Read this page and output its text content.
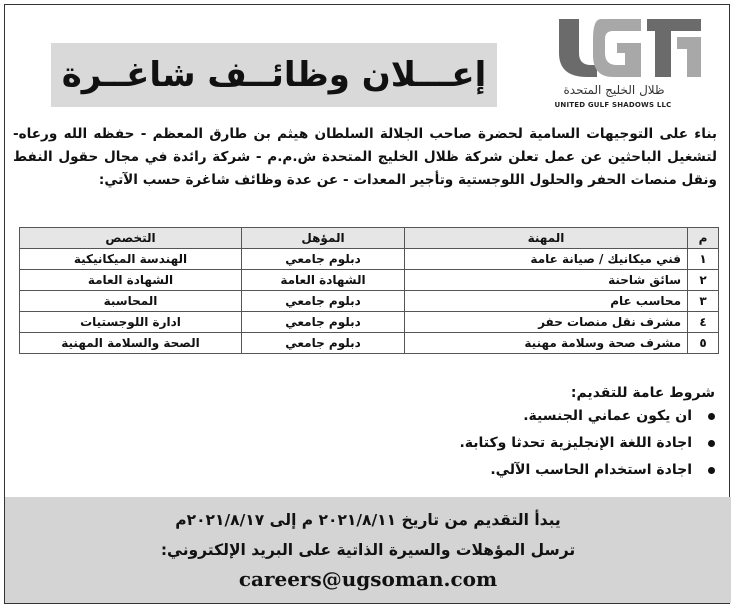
إعـــلان وظائــف شاغــرة	ظلال الخليج المتحدة
UNITED GULF SHADOWS LLC
بناء على التوجيهات السامية لحضرة صاحب الجلالة السلطان هيثم بن طارق المعظم - حفظه الله ورعاه- لتشغيل الباحثين عن عمل تعلن شركة ظلال الخليج المتحدة ش.م.م - شركة رائدة في مجال حقول النفط ونقل منصات الحفر والحلول اللوجستية وتأجير المعدات - عن عدة وظائف شاغرة حسب الآتي:
م	المهنة	المؤهل	التخصص
١	فني ميكانيك / صيانة عامة	دبلوم جامعي	الهندسة الميكانيكية
٢	سائق شاحنة	الشهادة العامة	الشهادة العامة
٣	محاسب عام	دبلوم جامعي	المحاسبة
٤	مشرف نقل منصات حفر	دبلوم جامعي	ادارة اللوجستيات
٥	مشرف صحة وسلامة مهنية	دبلوم جامعي	الصحة والسلامة المهنية
شروط عامة للتقديم:
ان يكون عماني الجنسية.
اجادة اللغة الإنجليزية تحدثا وكتابة.
اجادة استخدام الحاسب الآلي.
يبدأ التقديم من تاريخ ٢٠٢١/٨/١١ م إلى ٢٠٢١/٨/١٧م
ترسل المؤهلات والسيرة الذاتية على البريد الإلكتروني:
careers@ugsoman.com
